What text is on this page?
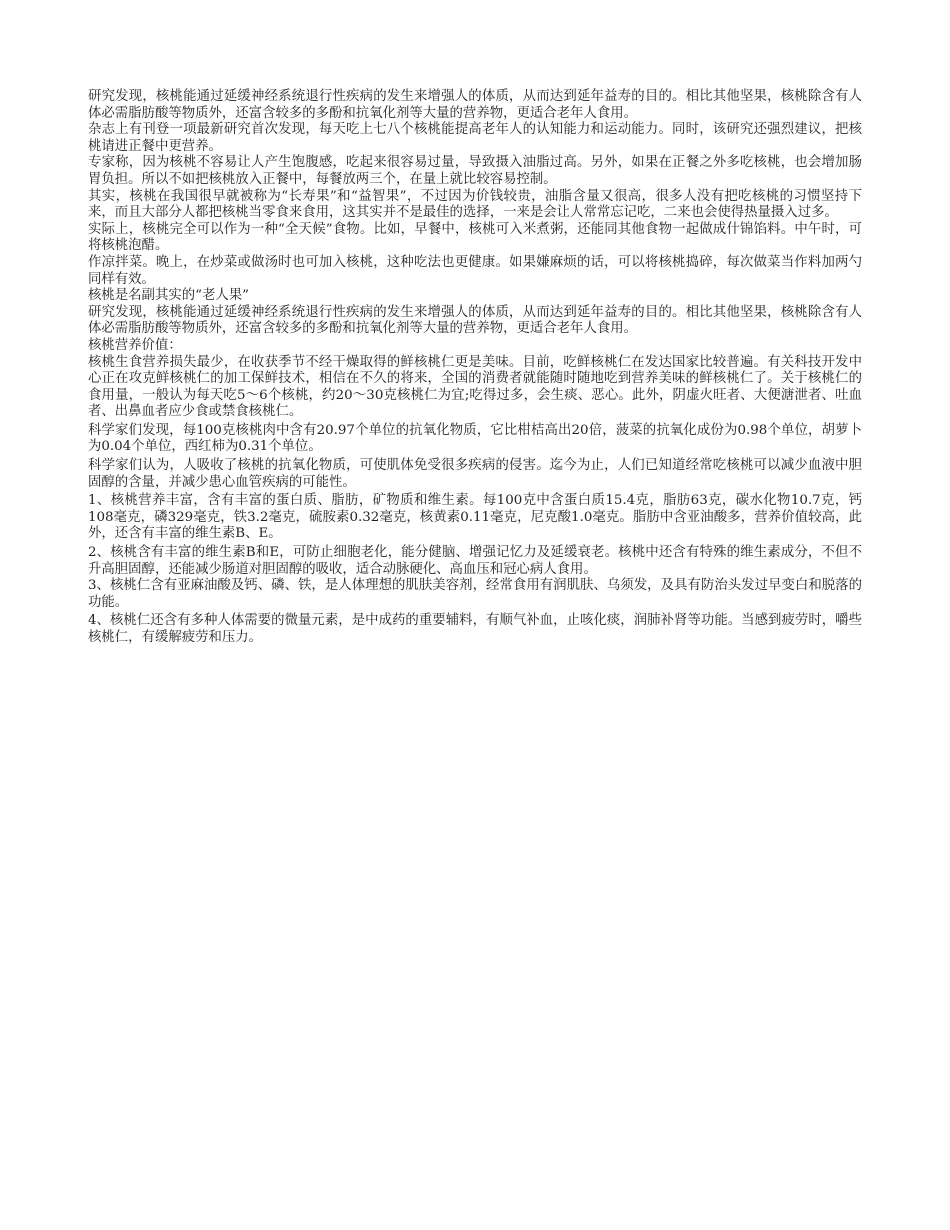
研究发现，核桃能通过延缓神经系统退行性疾病的发生来增强人的体质，从而达到延年益寿的目的。相比其他坚果，核桃除含有人体必需脂肪酸等物质外，还富含较多的多酚和抗氧化剂等大量的营养物，更适合老年人食用。

杂志上有刊登一项最新研究首次发现，每天吃上七八个核桃能提高老年人的认知能力和运动能力。同时，该研究还强烈建议，把核桃请进正餐中更营养。

专家称，因为核桃不容易让人产生饱腹感，吃起来很容易过量，导致摄入油脂过高。另外，如果在正餐之外多吃核桃，也会增加肠胃负担。所以不如把核桃放入正餐中，每餐放两三个，在量上就比较容易控制。

其实，核桃在我国很早就被称为“长寿果”和“益智果”，不过因为价钱较贵，油脂含量又很高，很多人没有把吃核桃的习惯坚持下来，而且大部分人都把核桃当零食来食用，这其实并不是最佳的选择，一来是会让人常常忘记吃，二来也会使得热量摄入过多。

实际上，核桃完全可以作为一种“全天候”食物。比如，早餐中，核桃可入米煮粥，还能同其他食物一起做成什锦馅料。中午时，可将核桃泡醋。

作凉拌菜。晚上，在炒菜或做汤时也可加入核桃，这种吃法也更健康。如果嫌麻烦的话，可以将核桃捣碎，每次做菜当作料加两勺同样有效。

核桃是名副其实的“老人果”

研究发现，核桃能通过延缓神经系统退行性疾病的发生来增强人的体质，从而达到延年益寿的目的。相比其他坚果，核桃除含有人体必需脂肪酸等物质外，还富含较多的多酚和抗氧化剂等大量的营养物，更适合老年人食用。

核桃营养价值：

核桃生食营养损失最少，在收获季节不经干燥取得的鲜核桃仁更是美味。目前，吃鲜核桃仁在发达国家比较普遍。有关科技开发中心正在攻克鲜核桃仁的加工保鲜技术，相信在不久的将来，全国的消费者就能随时随地吃到营养美味的鲜核桃仁了。关于核桃仁的食用量，一般认为每天吃5～6个核桃，约20～30克核桃仁为宜;吃得过多，会生痰、恶心。此外，阴虚火旺者、大便溏泄者、吐血者、出鼻血者应少食或禁食核桃仁。

科学家们发现，每100克核桃肉中含有20.97个单位的抗氧化物质，它比柑桔高出20倍，菠菜的抗氧化成份为0.98个单位，胡萝卜为0.04个单位，西红柿为0.31个单位。

科学家们认为，人吸收了核桃的抗氧化物质，可使肌体免受很多疾病的侵害。迄今为止，人们已知道经常吃核桃可以减少血液中胆固醇的含量，并减少患心血管疾病的可能性。

1、核桃营养丰富，含有丰富的蛋白质、脂肪，矿物质和维生素。每100克中含蛋白质15.4克，脂肪63克，碳水化物10.7克，钙108毫克，磷329毫克，铁3.2毫克，硫胺素0.32毫克，核黄素0.11毫克，尼克酸1.0毫克。脂肪中含亚油酸多，营养价值较高，此外，还含有丰富的维生素B、E。

2、核桃含有丰富的维生素B和E，可防止细胞老化，能分健脑、增强记忆力及延缓衰老。核桃中还含有特殊的维生素成分，不但不升高胆固醇，还能减少肠道对胆固醇的吸收，适合动脉硬化、高血压和冠心病人食用。

3、核桃仁含有亚麻油酸及钙、磷、铁，是人体理想的肌肤美容剂，经常食用有润肌肤、乌须发，及具有防治头发过早变白和脱落的功能。

4、核桃仁还含有多种人体需要的微量元素，是中成药的重要辅料，有顺气补血，止咳化痰，润肺补肾等功能。当感到疲劳时，嚼些核桃仁，有缓解疲劳和压力。
